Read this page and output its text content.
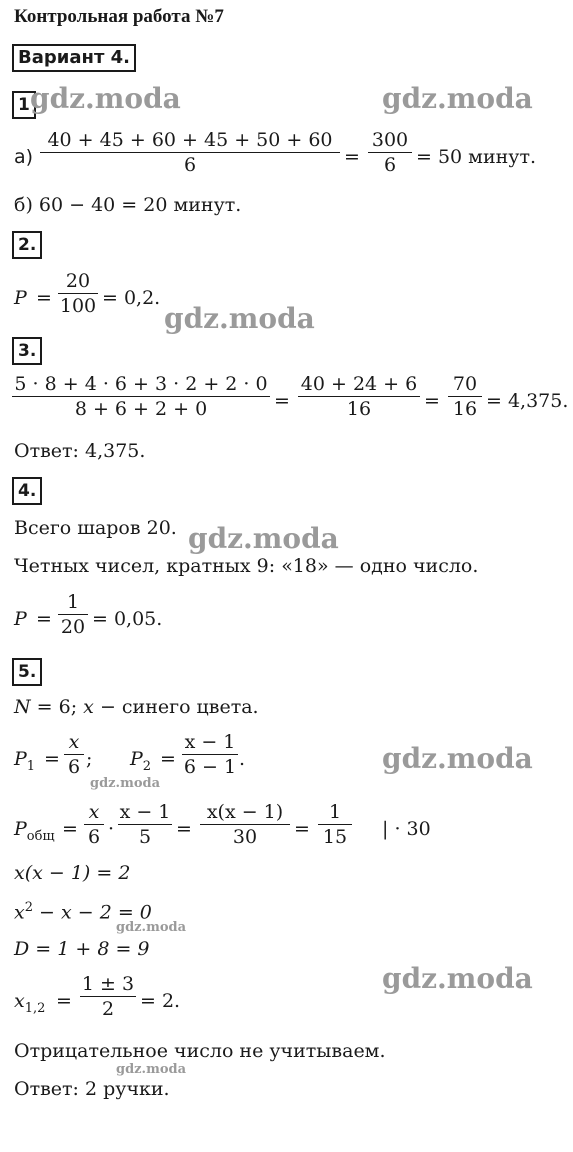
Контрольная работа №7
Вариант 4.
1
а)
40 + 45 + 60 + 45 + 50 + 60
6	=
300
6	= 50 минут.
б) 60 − 40 = 20 минут.
2.
P =
20
100 = 0,2.
3.
5 · 8 + 4 · 6 + 3 · 2 + 2 · 0
8 + 6 + 2 + 0	=
40 + 24 + 6
16	=
70
16 = 4,375.
Ответ: 4,375.
4.
Всего шаров 20.
Четных чисел, кратных 9: «18» — одно число.
P =
1
20 = 0,05.
5.
N = 6; x − синего цвета.
$P_1$ =
x
6 ; $P_2$ =
x − 1
6 − 1 .
$P_{общ}$ =
x
6 ·
x − 1
5	=
x(x − 1)
30	=
1
15 | · 30
x(x − 1) = 2
$x^2 - x - 2 = 0$
D = 1 + 8 = 9
$x_{1,2}$ =
1 ± 3
2	= 2.
Отрицательное число не учитываем.
Ответ: 2 ручки.
gdz.moda	gdz.moda
gdz.moda
gdz.moda
gdz.moda
gdz.moda
gdz.moda
gdz.moda
gdz.moda
